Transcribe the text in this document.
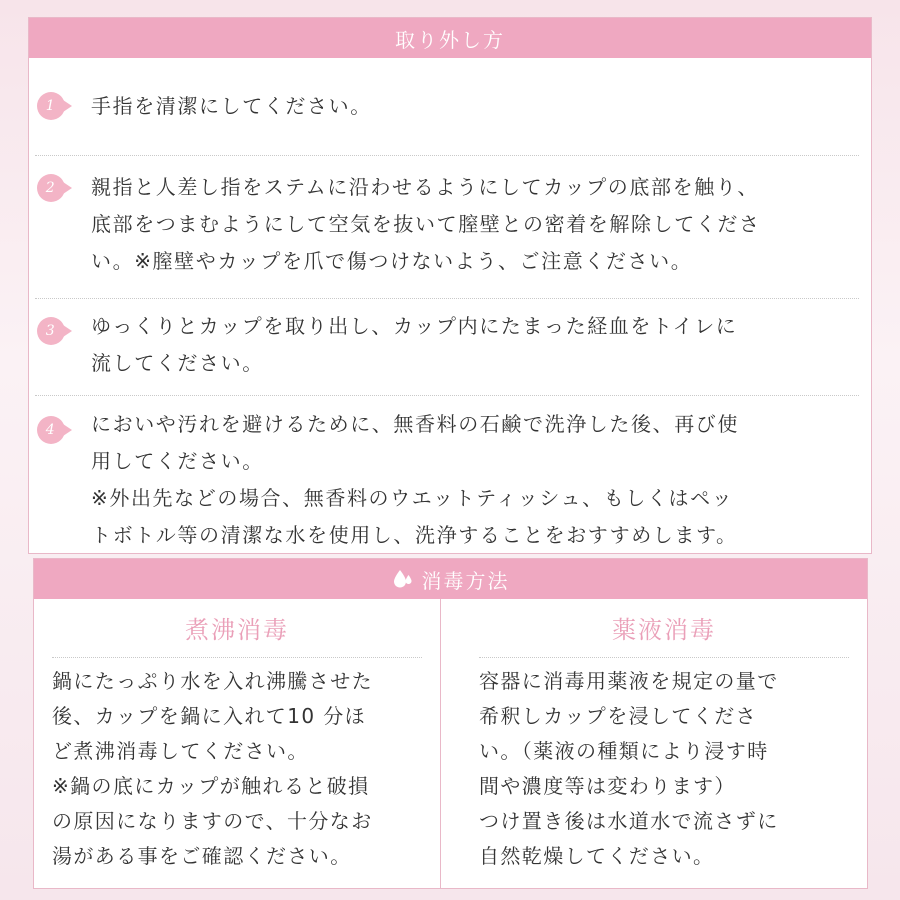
取り外し方
1	手指を清潔にしてください。
2	親指と人差し指をステムに沿わせるようにしてカップの底部を触り、
底部をつまむようにして空気を抜いて膣壁との密着を解除してくださ
い。※膣壁やカップを爪で傷つけないよう、ご注意ください。
3	ゆっくりとカップを取り出し、カップ内にたまった経血をトイレに
流してください。
4	においや汚れを避けるために、無香料の石鹸で洗浄した後、再び使
用してください。
※外出先などの場合、無香料のウエットティッシュ、もしくはペッ
トボトル等の清潔な水を使用し、洗浄することをおすすめします。
消毒方法
煮沸消毒
鍋にたっぷり水を入れ沸騰させた
後、カップを鍋に入れて10 分ほ
ど煮沸消毒してください。
※鍋の底にカップが触れると破損
の原因になりますので、十分なお
湯がある事をご確認ください。
薬液消毒
容器に消毒用薬液を規定の量で
希釈しカップを浸してくださ
い。（薬液の種類により浸す時
間や濃度等は変わります）
つけ置き後は水道水で流さずに
自然乾燥してください。
